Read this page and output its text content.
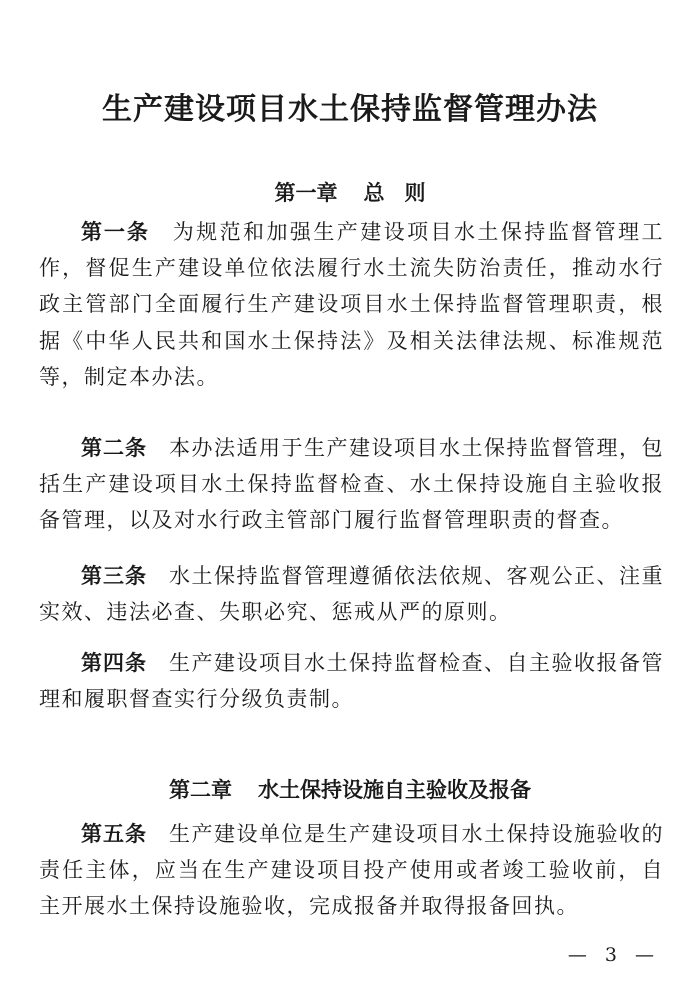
生产建设项目水土保持监督管理办法
第一章 总则

第一条 为规范和加强生产建设项目水土保持监督管理工作，督促生产建设单位依法履行水土流失防治责任，推动水行政主管部门全面履行生产建设项目水土保持监督管理职责，根据《中华人民共和国水土保持法》及相关法律法规、标准规范等，制定本办法。

第二条 本办法适用于生产建设项目水土保持监督管理，包括生产建设项目水土保持监督检查、水土保持设施自主验收报备管理，以及对水行政主管部门履行监督管理职责的督查。

第三条 水土保持监督管理遵循依法依规、客观公正、注重实效、违法必查、失职必究、惩戒从严的原则。

第四条 生产建设项目水土保持监督检查、自主验收报备管理和履职督查实行分级负责制。

第二章 水土保持设施自主验收及报备

第五条 生产建设单位是生产建设项目水土保持设施验收的责任主体，应当在生产建设项目投产使用或者竣工验收前，自主开展水土保持设施验收，完成报备并取得报备回执。

— 3 —
